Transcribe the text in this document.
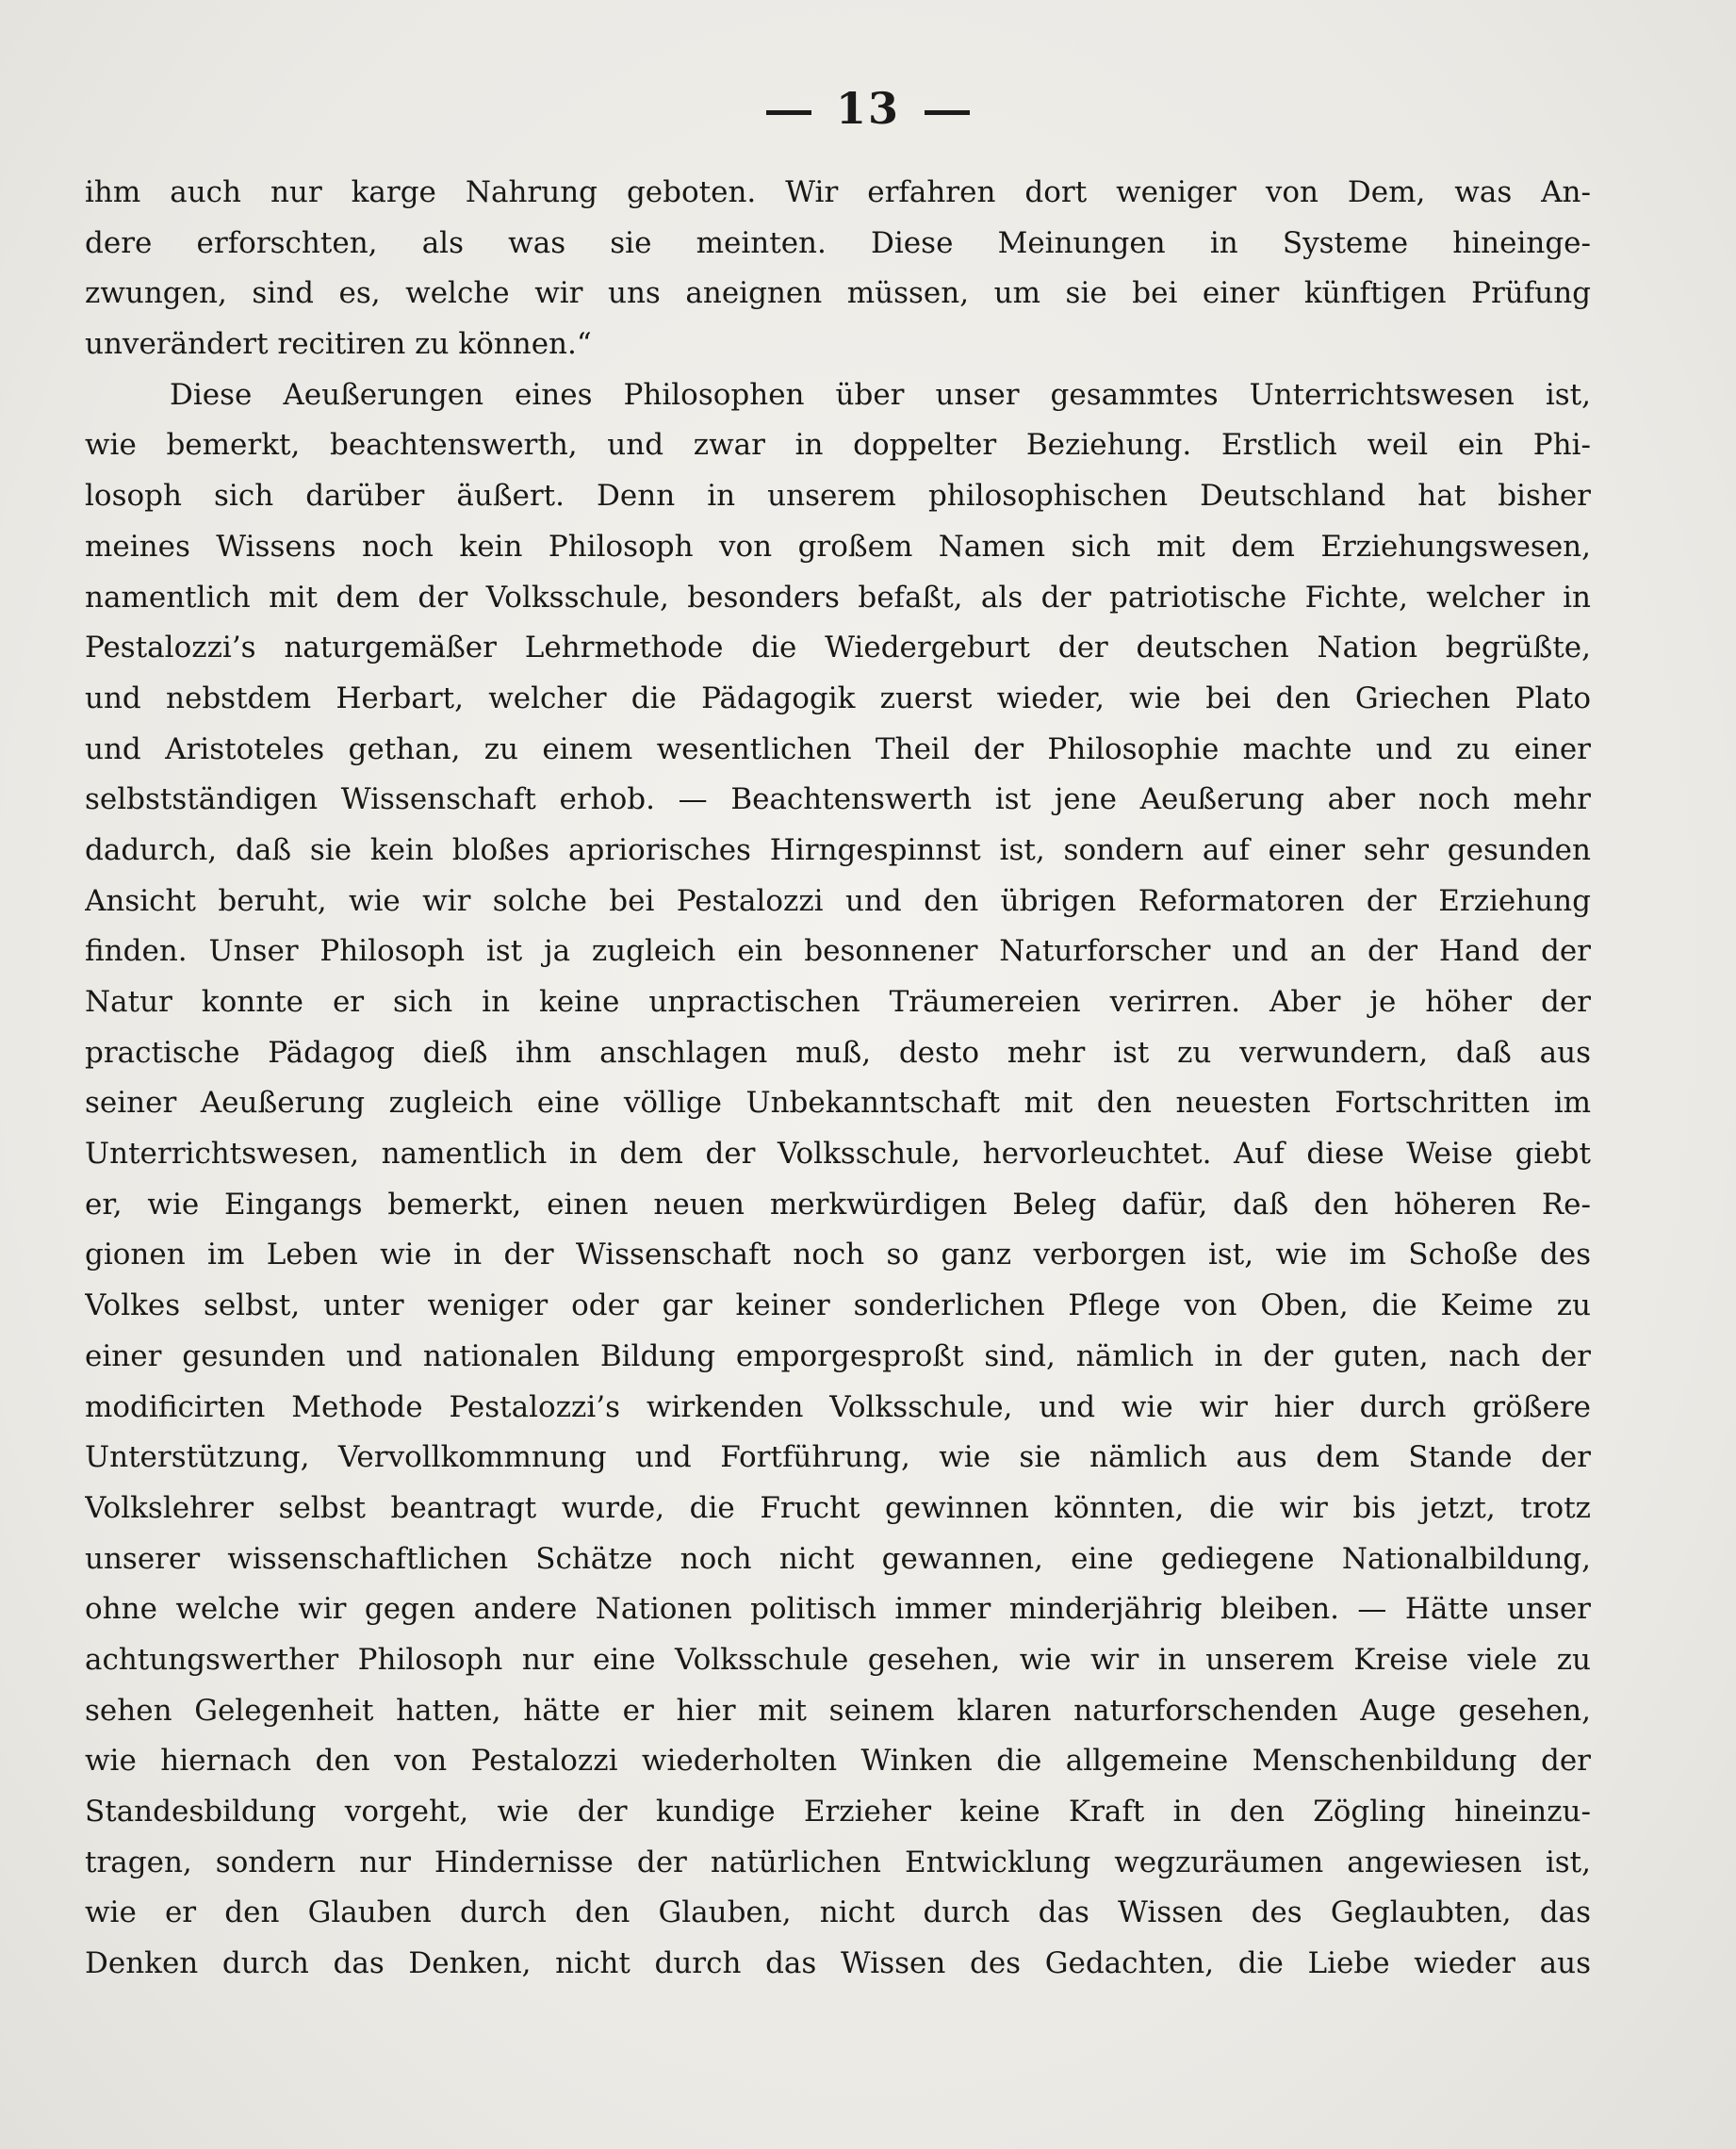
13
ihm auch nur karge Nahrung geboten. Wir erfahren dort weniger von Dem, was An-
dere erforschten, als was sie meinten. Diese Meinungen in Systeme hineinge-
zwungen, sind es, welche wir uns aneignen müssen, um sie bei einer künftigen Prüfung
unverändert recitiren zu können.“
Diese Aeußerungen eines Philosophen über unser gesammtes Unterrichtswesen ist,
wie bemerkt, beachtenswerth, und zwar in doppelter Beziehung. Erstlich weil ein Phi-
losoph sich darüber äußert. Denn in unserem philosophischen Deutschland hat bisher
meines Wissens noch kein Philosoph von großem Namen sich mit dem Erziehungswesen,
namentlich mit dem der Volksschule, besonders befaßt, als der patriotische Fichte, welcher in
Pestalozzi’s naturgemäßer Lehrmethode die Wiedergeburt der deutschen Nation begrüßte,
und nebstdem Herbart, welcher die Pädagogik zuerst wieder, wie bei den Griechen Plato
und Aristoteles gethan, zu einem wesentlichen Theil der Philosophie machte und zu einer
selbstständigen Wissenschaft erhob. — Beachtenswerth ist jene Aeußerung aber noch mehr
dadurch, daß sie kein bloßes apriorisches Hirngespinnst ist, sondern auf einer sehr gesunden
Ansicht beruht, wie wir solche bei Pestalozzi und den übrigen Reformatoren der Erziehung
finden. Unser Philosoph ist ja zugleich ein besonnener Naturforscher und an der Hand der
Natur konnte er sich in keine unpractischen Träumereien verirren. Aber je höher der
practische Pädagog dieß ihm anschlagen muß, desto mehr ist zu verwundern, daß aus
seiner Aeußerung zugleich eine völlige Unbekanntschaft mit den neuesten Fortschritten im
Unterrichtswesen, namentlich in dem der Volksschule, hervorleuchtet. Auf diese Weise giebt
er, wie Eingangs bemerkt, einen neuen merkwürdigen Beleg dafür, daß den höheren Re-
gionen im Leben wie in der Wissenschaft noch so ganz verborgen ist, wie im Schoße des
Volkes selbst, unter weniger oder gar keiner sonderlichen Pflege von Oben, die Keime zu
einer gesunden und nationalen Bildung emporgesproßt sind, nämlich in der guten, nach der
modificirten Methode Pestalozzi’s wirkenden Volksschule, und wie wir hier durch größere
Unterstützung, Vervollkommnung und Fortführung, wie sie nämlich aus dem Stande der
Volkslehrer selbst beantragt wurde, die Frucht gewinnen könnten, die wir bis jetzt, trotz
unserer wissenschaftlichen Schätze noch nicht gewannen, eine gediegene Nationalbildung,
ohne welche wir gegen andere Nationen politisch immer minderjährig bleiben. — Hätte unser
achtungswerther Philosoph nur eine Volksschule gesehen, wie wir in unserem Kreise viele zu
sehen Gelegenheit hatten, hätte er hier mit seinem klaren naturforschenden Auge gesehen,
wie hiernach den von Pestalozzi wiederholten Winken die allgemeine Menschenbildung der
Standesbildung vorgeht, wie der kundige Erzieher keine Kraft in den Zögling hineinzu-
tragen, sondern nur Hindernisse der natürlichen Entwicklung wegzuräumen angewiesen ist,
wie er den Glauben durch den Glauben, nicht durch das Wissen des Geglaubten, das
Denken durch das Denken, nicht durch das Wissen des Gedachten, die Liebe wieder aus
